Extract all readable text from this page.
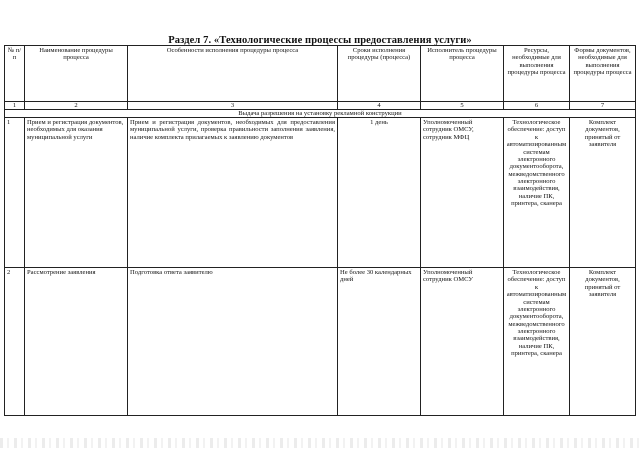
Раздел 7. «Технологические процессы предоставления услуги»
№ п/п	Наименование процедуры процесса	Особенности исполнения процедуры процесса	Сроки исполнения процедуры (процесса)	Исполнитель процедуры процесса	Ресурсы, необходимые для выполнения процедуры процесса	Формы документов, необходимые для выполнения процедуры процесса
1	2	3	4	5	6	7
Выдача разрешения на установку рекламной конструкции						
1	Прием и регистрация документов, необходимых для оказания муниципальной услуги	Прием и регистрация документов, необходимых для предоставления муниципальной услуги, проверка правильности заполнения заявления, наличие комплекта прилагаемых к заявлению документов	1 день	Уполномоченный сотрудник ОМСУ, сотрудник МФЦ	Технологическое обеспечение: доступ к автоматизированным системам электронного документооборота, межведомственного электронного взаимодействия, наличие ПК, принтера, сканера	Комплект документов, принятый от заявителя
2	Рассмотрение заявления	Подготовка ответа заявителю	Не более 30 календарных дней	Уполномоченный сотрудник ОМСУ	Технологическое обеспечение: доступ к автоматизированным системам электронного документооборота, межведомственного электронного взаимодействия, наличие ПК, принтера, сканера	Комплект документов, принятый от заявителя
